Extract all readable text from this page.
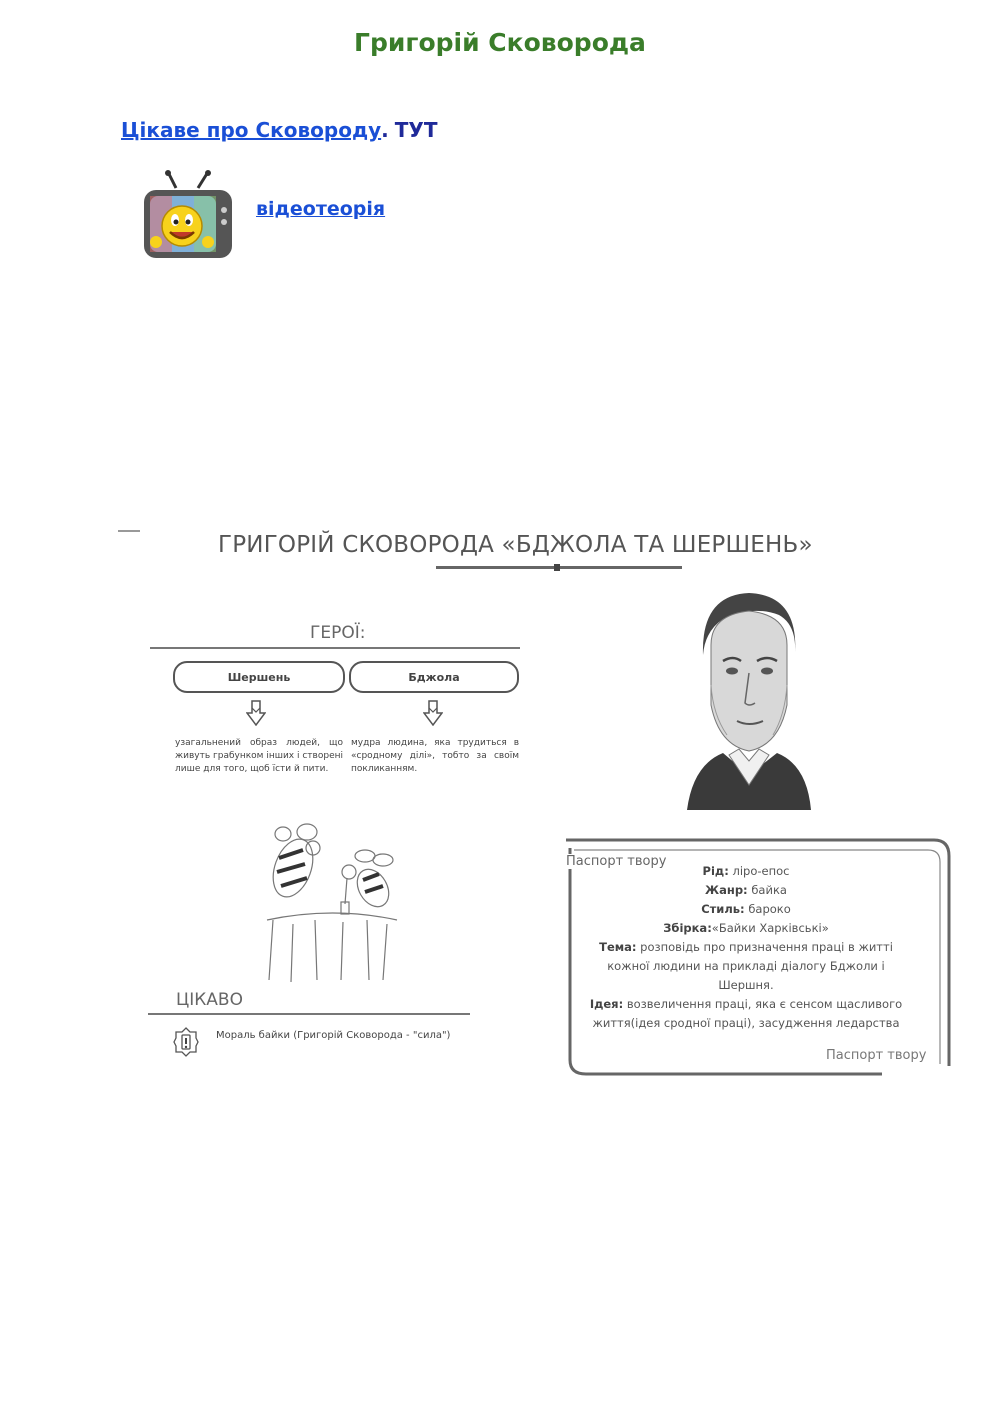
Григорій Сковорода
Цікаве про Сковороду. ТУТ
відеотеорія
ГРИГОРІЙ СКОВОРОДА «БДЖОЛА ТА ШЕРШЕНЬ»
ГЕРОЇ:
Шершень	Бджола
узагальнений образ людей, що живуть грабунком інших і створені лише для того, щоб їсти й пити.
мудра людина, яка трудиться в «сродному ділі», тобто за своїм покликанням.
ЦІКАВО
Мораль байки (Григорій Сковорода - "сила")
Паспорт твору
Паспорт твору
Рід: ліро-епос
Жанр: байка
Стиль: бароко
Збірка:«Байки Харківські»
Тема: розповідь про призначення праці в житті кожної людини на прикладі діалогу Бджоли і Шершня.
Ідея: возвеличення праці, яка є сенсом щасливого життя(ідея сродної праці), засудження ледарства
